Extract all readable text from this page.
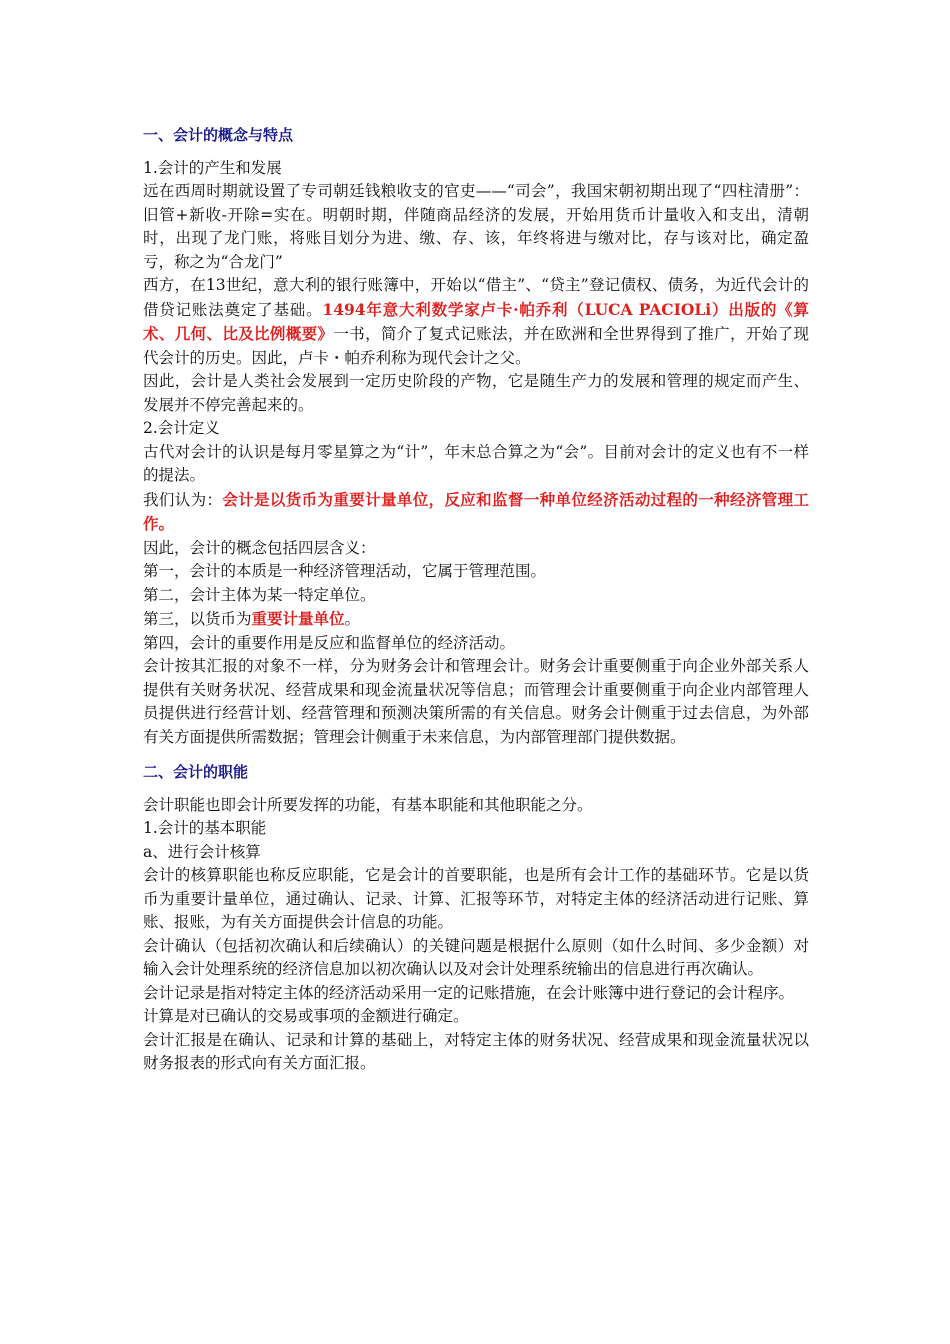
一、会计的概念与特点

1.会计的产生和发展

远在西周时期就设置了专司朝廷钱粮收支的官吏——“司会”，我国宋朝初期出现了“四柱清册”：旧管+新收-开除=实在。明朝时期，伴随商品经济的发展，开始用货币计量收入和支出，清朝时，出现了龙门账，将账目划分为进、缴、存、该，年终将进与缴对比，存与该对比，确定盈亏，称之为“合龙门”

西方，在13世纪，意大利的银行账簿中，开始以“借主”、“贷主”登记债权、债务，为近代会计的借贷记账法奠定了基础。1494年意大利数学家卢卡·帕乔利（LUCA PACIOLi）出版的《算术、几何、比及比例概要》一书，简介了复式记账法，并在欧洲和全世界得到了推广，开始了现代会计的历史。因此，卢卡・帕乔利称为现代会计之父。

因此，会计是人类社会发展到一定历史阶段的产物，它是随生产力的发展和管理的规定而产生、发展并不停完善起来的。

2.会计定义

古代对会计的认识是每月零星算之为“计”，年末总合算之为“会”。目前对会计的定义也有不一样的提法。

我们认为：会计是以货币为重要计量单位，反应和监督一种单位经济活动过程的一种经济管理工作。

因此，会计的概念包括四层含义：

第一，会计的本质是一种经济管理活动，它属于管理范围。

第二，会计主体为某一特定单位。

第三，以货币为重要计量单位。

第四，会计的重要作用是反应和监督单位的经济活动。

会计按其汇报的对象不一样，分为财务会计和管理会计。财务会计重要侧重于向企业外部关系人提供有关财务状况、经营成果和现金流量状况等信息；而管理会计重要侧重于向企业内部管理人员提供进行经营计划、经营管理和预测决策所需的有关信息。财务会计侧重于过去信息，为外部有关方面提供所需数据；管理会计侧重于未来信息，为内部管理部门提供数据。

二、会计的职能

会计职能也即会计所要发挥的功能，有基本职能和其他职能之分。

1.会计的基本职能

a、进行会计核算

会计的核算职能也称反应职能，它是会计的首要职能，也是所有会计工作的基础环节。它是以货币为重要计量单位，通过确认、记录、计算、汇报等环节，对特定主体的经济活动进行记账、算账、报账，为有关方面提供会计信息的功能。

会计确认（包括初次确认和后续确认）的关键问题是根据什么原则（如什么时间、多少金额）对输入会计处理系统的经济信息加以初次确认以及对会计处理系统输出的信息进行再次确认。

会计记录是指对特定主体的经济活动采用一定的记账措施，在会计账簿中进行登记的会计程序。

计算是对已确认的交易或事项的金额进行确定。

会计汇报是在确认、记录和计算的基础上，对特定主体的财务状况、经营成果和现金流量状况以财务报表的形式向有关方面汇报。
